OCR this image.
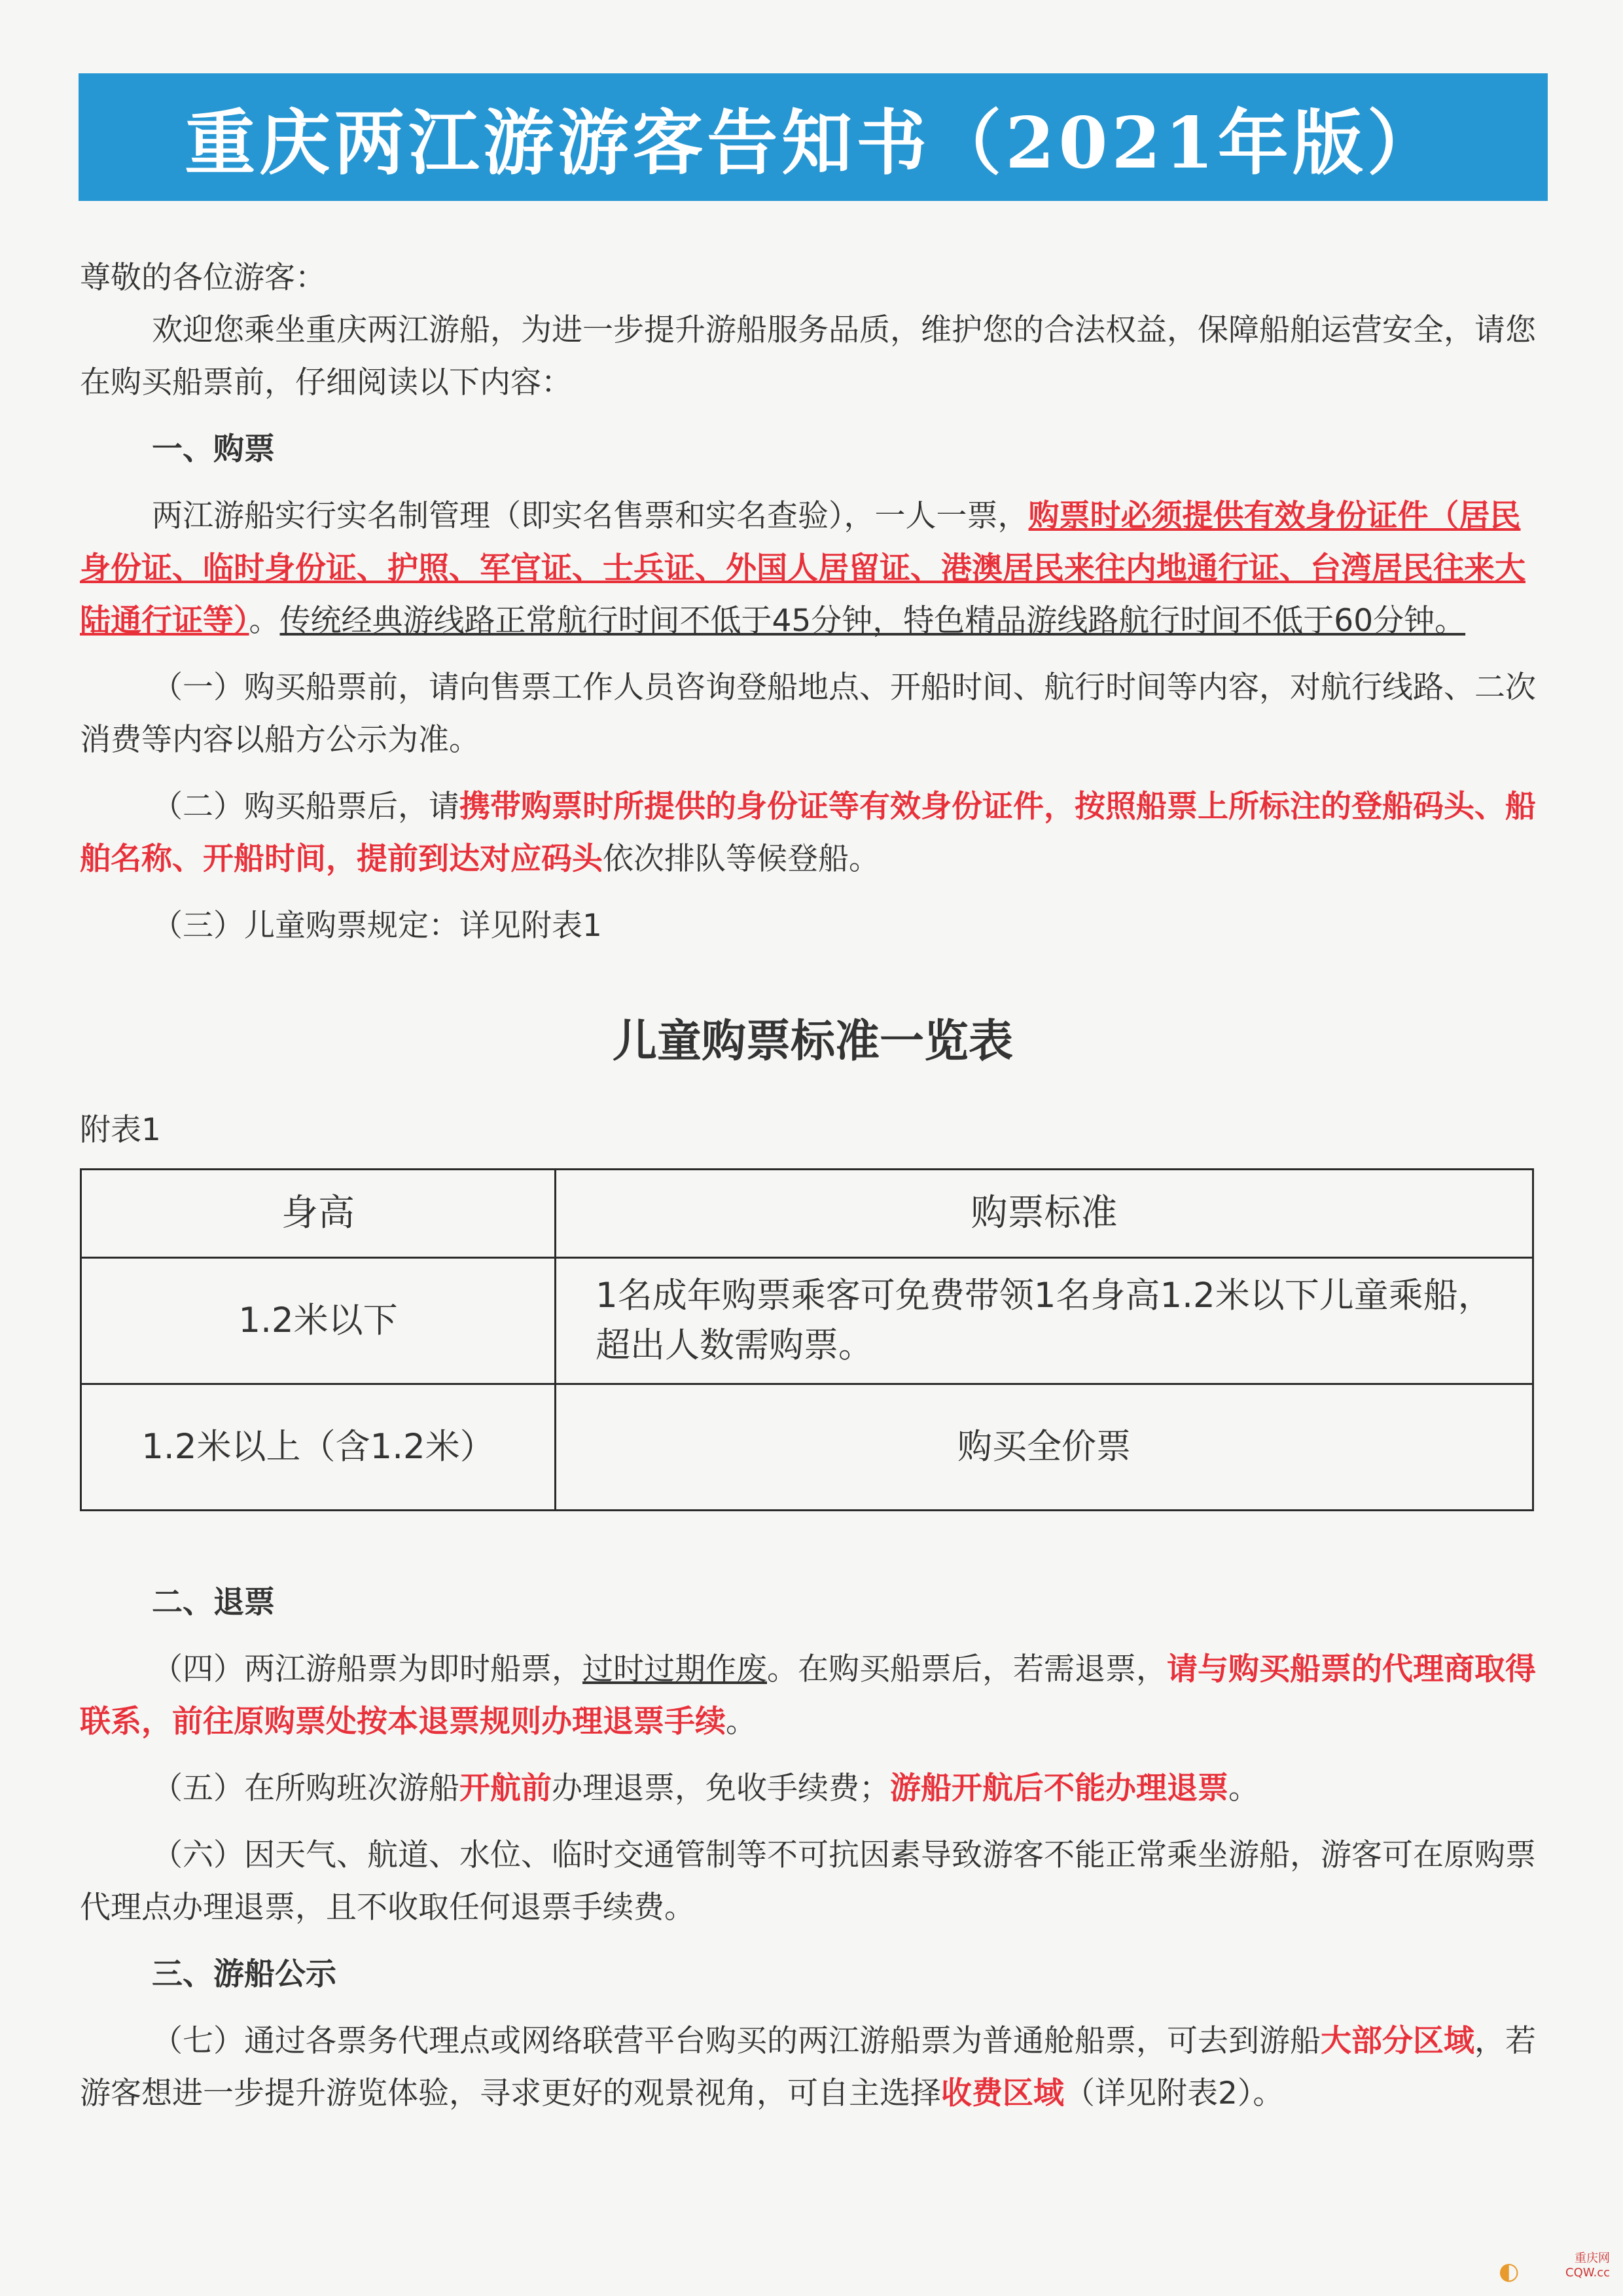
重庆两江游游客告知书（2021年版）

尊敬的各位游客：

欢迎您乘坐重庆两江游船，为进一步提升游船服务品质，维护您的合法权益，保障船舶运营安全，请您在购买船票前，仔细阅读以下内容：

一、购票

两江游船实行实名制管理（即实名售票和实名查验），一人一票，购票时必须提供有效身份证件（居民身份证、临时身份证、护照、军官证、士兵证、外国人居留证、港澳居民来往内地通行证、台湾居民往来大陆通行证等）。传统经典游线路正常航行时间不低于45分钟，特色精品游线路航行时间不低于60分钟。

（一）购买船票前，请向售票工作人员咨询登船地点、开船时间、航行时间等内容，对航行线路、二次消费等内容以船方公示为准。

（二）购买船票后，请携带购票时所提供的身份证等有效身份证件，按照船票上所标注的登船码头、船舶名称、开船时间，提前到达对应码头依次排队等候登船。

（三）儿童购票规定：详见附表1

儿童购票标准一览表

附表1

身高	购票标准
1.2米以下	1名成年购票乘客可免费带领1名身高1.2米以下儿童乘船，超出人数需购票。
1.2米以上（含1.2米）	购买全价票

二、退票

（四）两江游船票为即时船票，过时过期作废。在购买船票后，若需退票，请与购买船票的代理商取得联系，前往原购票处按本退票规则办理退票手续。

（五）在所购班次游船开航前办理退票，免收手续费；游船开航后不能办理退票。

（六）因天气、航道、水位、临时交通管制等不可抗因素导致游客不能正常乘坐游船，游客可在原购票代理点办理退票，且不收取任何退票手续费。

三、游船公示

（七）通过各票务代理点或网络联营平台购买的两江游船票为普通舱船票，可去到游船大部分区域，若游客想进一步提升游览体验，寻求更好的观景视角，可自主选择收费区域（详见附表2）。

◐	重庆网
CQW.cc
